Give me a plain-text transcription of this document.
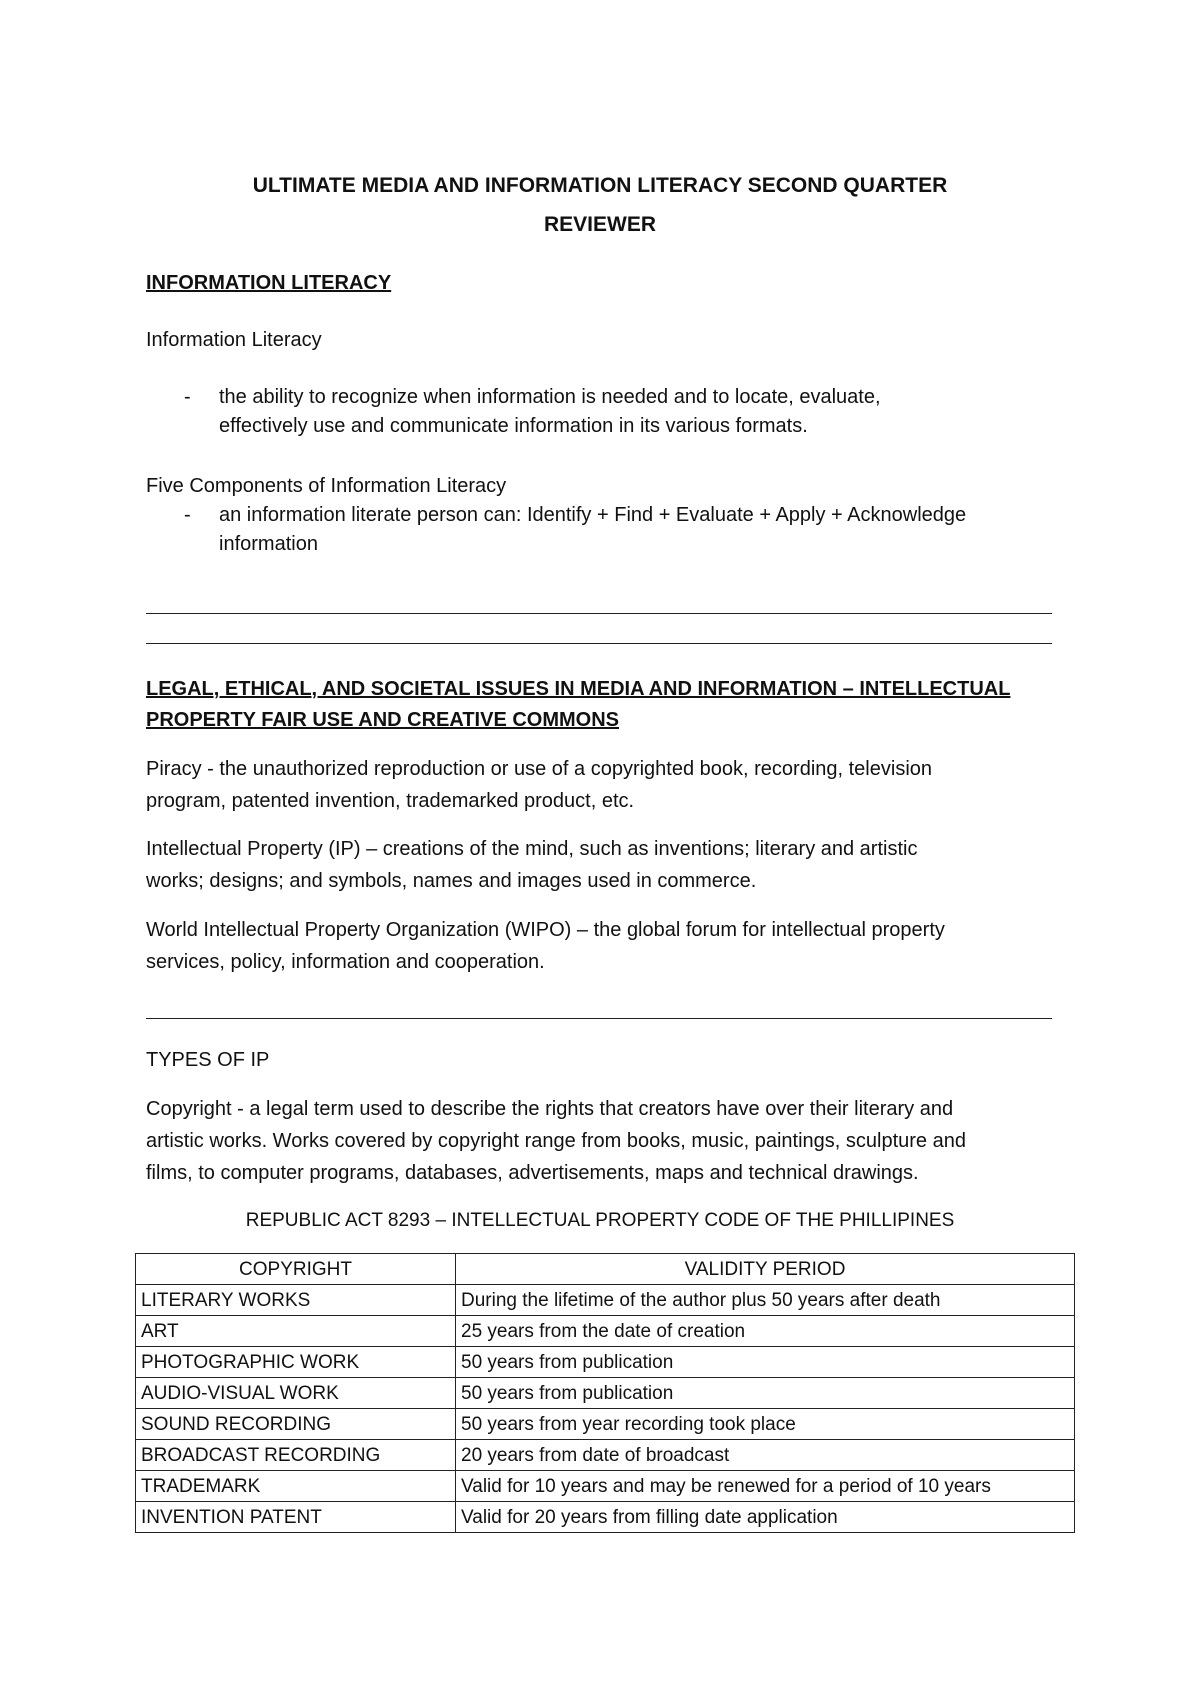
ULTIMATE MEDIA AND INFORMATION LITERACY SECOND QUARTER
REVIEWER
INFORMATION LITERACY
Information Literacy
- the ability to recognize when information is needed and to locate, evaluate,
effectively use and communicate information in its various formats.
Five Components of Information Literacy
- an information literate person can: Identify + Find + Evaluate + Apply + Acknowledge
information
LEGAL, ETHICAL, AND SOCIETAL ISSUES IN MEDIA AND INFORMATION – INTELLECTUAL
PROPERTY FAIR USE AND CREATIVE COMMONS
Piracy - the unauthorized reproduction or use of a copyrighted book, recording, television
program, patented invention, trademarked product, etc.
Intellectual Property (IP) – creations of the mind, such as inventions; literary and artistic
works; designs; and symbols, names and images used in commerce.
World Intellectual Property Organization (WIPO) – the global forum for intellectual property
services, policy, information and cooperation.
TYPES OF IP
Copyright - a legal term used to describe the rights that creators have over their literary and
artistic works. Works covered by copyright range from books, music, paintings, sculpture and
films, to computer programs, databases, advertisements, maps and technical drawings.
REPUBLIC ACT 8293 – INTELLECTUAL PROPERTY CODE OF THE PHILLIPINES
COPYRIGHT	VALIDITY PERIOD
LITERARY WORKS	During the lifetime of the author plus 50 years after death
ART	25 years from the date of creation
PHOTOGRAPHIC WORK	50 years from publication
AUDIO-VISUAL WORK	50 years from publication
SOUND RECORDING	50 years from year recording took place
BROADCAST RECORDING	20 years from date of broadcast
TRADEMARK	Valid for 10 years and may be renewed for a period of 10 years
INVENTION PATENT	Valid for 20 years from filling date application
